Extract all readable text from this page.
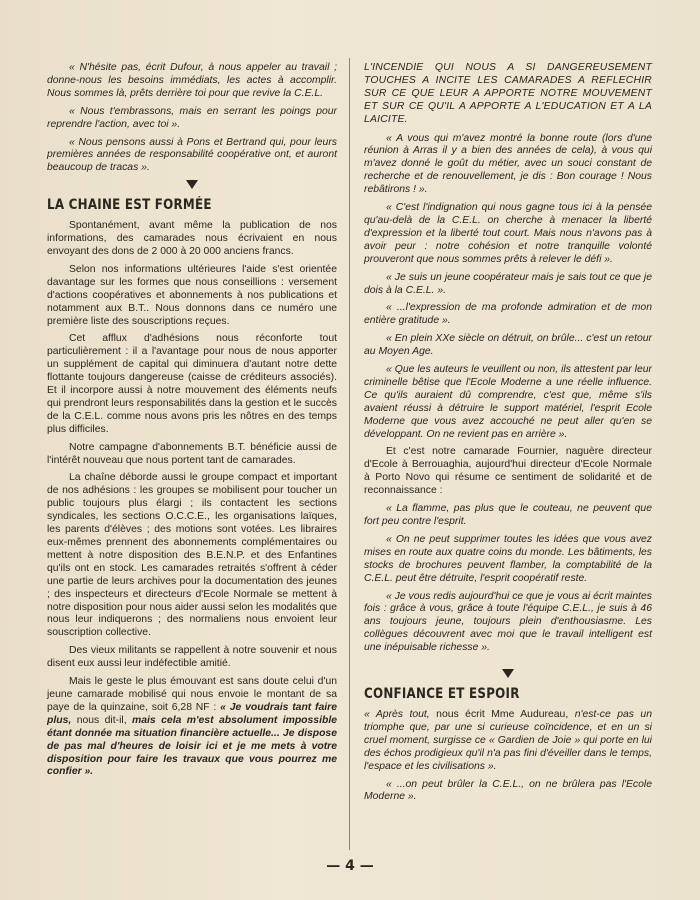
« N'hésite pas, écrit Dufour, à nous appeler au travail ; donne-nous les besoins immédiats, les actes à accomplir. Nous sommes là, prêts derrière toi pour que revive la C.E.L.

« Nous t'embrassons, mais en serrant les poings pour reprendre l'action, avec toi ».

« Nous pensons aussi à Pons et Bertrand qui, pour leurs premières années de responsabilité coopérative ont, et auront beaucoup de tracas ».

LA CHAINE EST FORMÉE

Spontanément, avant même la publication de nos informations, des camarades nous écrivaient en nous envoyant des dons de 2 000 à 20 000 anciens francs.

Selon nos informations ultérieures l'aide s'est orientée davantage sur les formes que nous conseillions : versement d'actions coopératives et abonnements à nos publications et notamment aux B.T.. Nous donnons dans ce numéro une première liste des souscriptions reçues.

Cet afflux d'adhésions nous réconforte tout particulièrement : il a l'avantage pour nous de nous apporter un supplément de capital qui diminuera d'autant notre dette flottante toujours dangereuse (caisse de créditeurs associés). Et il incorpore aussi à notre mouvement des éléments neufs qui prendront leurs responsabilités dans la gestion et le succès de la C.E.L. comme nous avons pris les nôtres en des temps plus difficiles.

Notre campagne d'abonnements B.T. bénéficie aussi de l'intérêt nouveau que nous portent tant de camarades.

La chaîne déborde aussi le groupe compact et important de nos adhésions : les groupes se mobilisent pour toucher un public toujours plus élargi ; ils contactent les sections syndicales, les sections O.C.C.E., les organisations laïques, les parents d'élèves ; des motions sont votées. Les libraires eux-mêmes prennent des abonnements complémentaires ou mettent à notre disposition des B.E.N.P. et des Enfantines qu'ils ont en stock. Les camarades retraités s'offrent à céder une partie de leurs archives pour la documentation des jeunes ; des inspecteurs et directeurs d'Ecole Normale se mettent à notre disposition pour nous aider aussi selon les modalités que nous leur indiquerons ; des normaliens nous envoient leur souscription collective.

Des vieux militants se rappellent à notre souvenir et nous disent eux aussi leur indéfectible amitié.

Mais le geste le plus émouvant est sans doute celui d'un jeune camarade mobilisé qui nous envoie le montant de sa paye de la quinzaine, soit 6,28 NF : « Je voudrais tant faire plus, nous dit-il, mais cela m'est absolument impossible étant donnée ma situation financière actuelle... Je dispose de pas mal d'heures de loisir ici et je me mets à votre disposition pour faire les travaux que vous pourrez me confier ».

L'INCENDIE QUI NOUS A SI DANGEREUSEMENT TOUCHES A INCITE LES CAMARADES A REFLECHIR SUR CE QUE LEUR A APPORTE NOTRE MOUVEMENT ET SUR CE QU'IL A APPORTE A L'EDUCATION ET A LA LAICITE.

« A vous qui m'avez montré la bonne route (lors d'une réunion à Arras il y a bien des années de cela), à vous qui m'avez donné le goût du métier, avec un souci constant de recherche et de renouvellement, je dis : Bon courage ! Nous rebâtirons ! ».

« C'est l'indignation qui nous gagne tous ici à la pensée qu'au-delà de la C.E.L. on cherche à menacer la liberté d'expression et la liberté tout court. Mais nous n'avons pas à avoir peur : notre cohésion et notre tranquille volonté prouveront que nous sommes prêts à relever le défi ».

« Je suis un jeune coopérateur mais je sais tout ce que je dois à la C.E.L. ».

« ...l'expression de ma profonde admiration et de mon entière gratitude ».

« En plein XXe siècle on détruit, on brûle... c'est un retour au Moyen Age.

« Que les auteurs le veuillent ou non, ils attestent par leur criminelle bêtise que l'Ecole Moderne a une réelle influence. Ce qu'ils auraient dû comprendre, c'est que, même s'ils avaient réussi à détruire le support matériel, l'esprit Ecole Moderne que vous avez accouché ne peut aller qu'en se développant. On ne revient pas en arrière ».

Et c'est notre camarade Fournier, naguère directeur d'Ecole à Berrouaghia, aujourd'hui directeur d'Ecole Normale à Porto Novo qui résume ce sentiment de solidarité et de reconnaissance :

« La flamme, pas plus que le couteau, ne peuvent que fort peu contre l'esprit.

« On ne peut supprimer toutes les idées que vous avez mises en route aux quatre coins du monde. Les bâtiments, les stocks de brochures peuvent flamber, la comptabilité de la C.E.L. peut être détruite, l'esprit coopératif reste.

« Je vous redis aujourd'hui ce que je vous ai écrit maintes fois : grâce à vous, grâce à toute l'équipe C.E.L., je suis à 46 ans toujours jeune, toujours plein d'enthousiasme. Les collègues découvrent avec moi que le travail intelligent est une inépuisable richesse ».

CONFIANCE ET ESPOIR

« Après tout, nous écrit Mme Audureau, n'est-ce pas un triomphe que, par une si curieuse coïncidence, et en un si cruel moment, surgisse ce « Gardien de Joie » qui porte en lui des échos prodigieux qu'il n'a pas fini d'éveiller dans le temps, l'espace et les civilisations ».

« ...on peut brûler la C.E.L., on ne brûlera pas l'Ecole Moderne ».

— 4 —
